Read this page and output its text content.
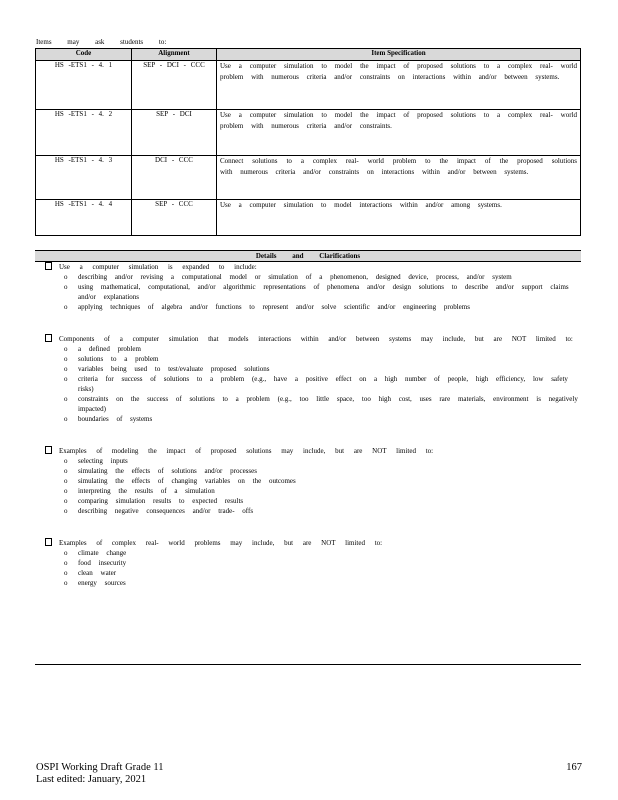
Items may ask students to:
Code	Alignment	Item Specification
HS -ETS1 - 4. 1	SEP - DCI - CCC	Use a computer simulation to model the impact of proposed solutions to a complex real- world problem with numerous criteria and/or constraints on interactions within and/or between systems.
HS -ETS1 - 4. 2	SEP - DCI	Use a computer simulation to model the impact of proposed solutions to a complex real- world problem with numerous criteria and/or constraints.
HS -ETS1 - 4. 3	DCI - CCC	Connect solutions to a complex real- world problem to the impact of the proposed solutions with numerous criteria and/or constraints on interactions within and/or between systems.
HS -ETS1 - 4. 4	SEP - CCC	Use a computer simulation to model interactions within and/or among systems.
Details and Clarifications
Use a computer simulation is expanded to include:
o describing and/or revising a computational model or simulation of a phenomenon, designed device, process, and/or system
o using mathematical, computational, and/or algorithmic representations of phenomena and/or design solutions to describe and/or support claims and/or explanations
o applying techniques of algebra and/or functions to represent and/or solve scientific and/or engineering problems
Components of a computer simulation that models interactions within and/or between systems may include, but are NOT limited to:
o a defined problem
o solutions to a problem
o variables being used to test/evaluate proposed solutions
o criteria for success of solutions to a problem (e.g., have a positive effect on a high number of people, high efficiency, low safety risks)
o constraints on the success of solutions to a problem (e.g., too little space, too high cost, uses rare materials, environment is negatively impacted)
o boundaries of systems
Examples of modeling the impact of proposed solutions may include, but are NOT limited to:
o selecting inputs
o simulating the effects of solutions and/or processes
o simulating the effects of changing variables on the outcomes
o interpreting the results of a simulation
o comparing simulation results to expected results
o describing negative consequences and/or trade- offs
Examples of complex real- world problems may include, but are NOT limited to:
o climate change
o food insecurity
o clean water
o energy sources
OSPI Working Draft Grade 11
Last edited: January, 2021
167
